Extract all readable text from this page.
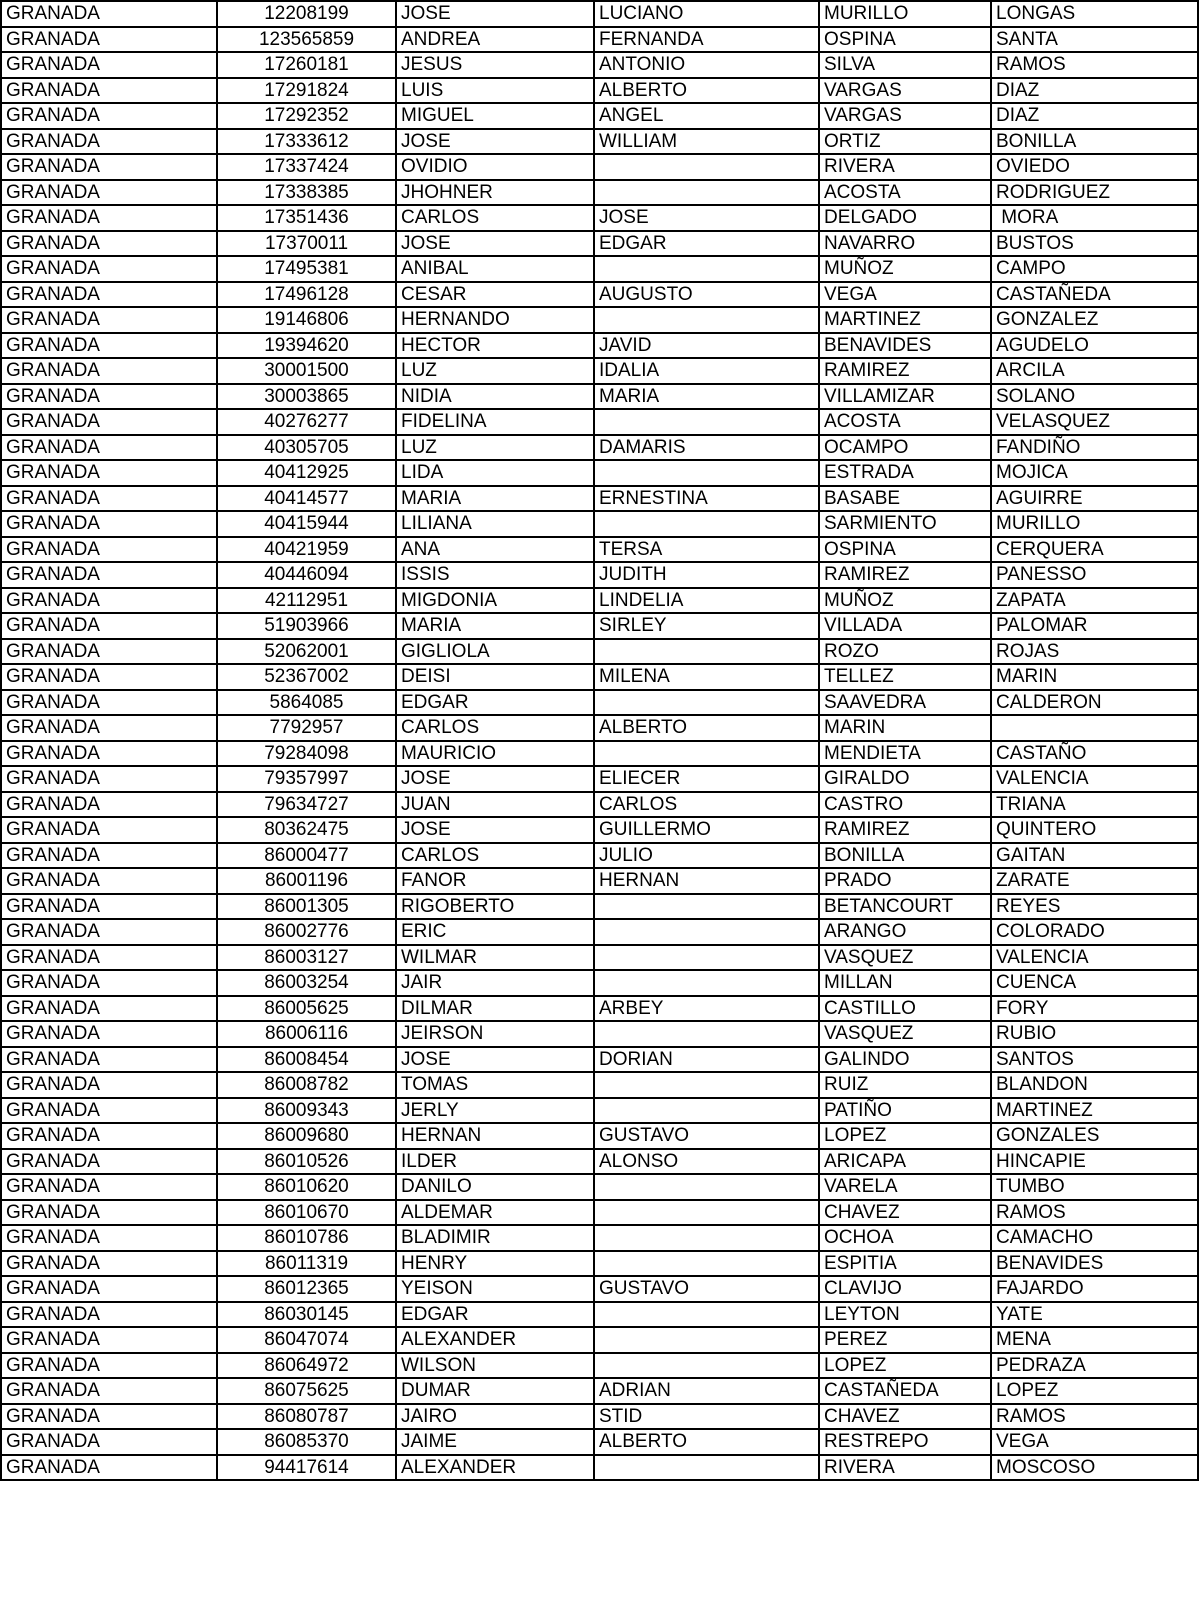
GRANADA	12208199	JOSE	LUCIANO	MURILLO	LONGAS
GRANADA	123565859	ANDREA	FERNANDA	OSPINA	SANTA
GRANADA	17260181	JESUS	ANTONIO	SILVA	RAMOS
GRANADA	17291824	LUIS	ALBERTO	VARGAS	DIAZ
GRANADA	17292352	MIGUEL	ANGEL	VARGAS	DIAZ
GRANADA	17333612	JOSE	WILLIAM	ORTIZ	BONILLA
GRANADA	17337424	OVIDIO		RIVERA	OVIEDO
GRANADA	17338385	JHOHNER		ACOSTA	RODRIGUEZ
GRANADA	17351436	CARLOS	JOSE	DELGADO	MORA
GRANADA	17370011	JOSE	EDGAR	NAVARRO	BUSTOS
GRANADA	17495381	ANIBAL		MUÑOZ	CAMPO
GRANADA	17496128	CESAR	AUGUSTO	VEGA	CASTAÑEDA
GRANADA	19146806	HERNANDO		MARTINEZ	GONZALEZ
GRANADA	19394620	HECTOR	JAVID	BENAVIDES	AGUDELO
GRANADA	30001500	LUZ	IDALIA	RAMIREZ	ARCILA
GRANADA	30003865	NIDIA	MARIA	VILLAMIZAR	SOLANO
GRANADA	40276277	FIDELINA		ACOSTA	VELASQUEZ
GRANADA	40305705	LUZ	DAMARIS	OCAMPO	FANDIÑO
GRANADA	40412925	LIDA		ESTRADA	MOJICA
GRANADA	40414577	MARIA	ERNESTINA	BASABE	AGUIRRE
GRANADA	40415944	LILIANA		SARMIENTO	MURILLO
GRANADA	40421959	ANA	TERSA	OSPINA	CERQUERA
GRANADA	40446094	ISSIS	JUDITH	RAMIREZ	PANESSO
GRANADA	42112951	MIGDONIA	LINDELIA	MUÑOZ	ZAPATA
GRANADA	51903966	MARIA	SIRLEY	VILLADA	PALOMAR
GRANADA	52062001	GIGLIOLA		ROZO	ROJAS
GRANADA	52367002	DEISI	MILENA	TELLEZ	MARIN
GRANADA	5864085	EDGAR		SAAVEDRA	CALDERON
GRANADA	7792957	CARLOS	ALBERTO	MARIN	
GRANADA	79284098	MAURICIO		MENDIETA	CASTAÑO
GRANADA	79357997	JOSE	ELIECER	GIRALDO	VALENCIA
GRANADA	79634727	JUAN	CARLOS	CASTRO	TRIANA
GRANADA	80362475	JOSE	GUILLERMO	RAMIREZ	QUINTERO
GRANADA	86000477	CARLOS	JULIO	BONILLA	GAITAN
GRANADA	86001196	FANOR	HERNAN	PRADO	ZARATE
GRANADA	86001305	RIGOBERTO		BETANCOURT	REYES
GRANADA	86002776	ERIC		ARANGO	COLORADO
GRANADA	86003127	WILMAR		VASQUEZ	VALENCIA
GRANADA	86003254	JAIR		MILLAN	CUENCA
GRANADA	86005625	DILMAR	ARBEY	CASTILLO	FORY
GRANADA	86006116	JEIRSON		VASQUEZ	RUBIO
GRANADA	86008454	JOSE	DORIAN	GALINDO	SANTOS
GRANADA	86008782	TOMAS		RUIZ	BLANDON
GRANADA	86009343	JERLY		PATIÑO	MARTINEZ
GRANADA	86009680	HERNAN	GUSTAVO	LOPEZ	GONZALES
GRANADA	86010526	ILDER	ALONSO	ARICAPA	HINCAPIE
GRANADA	86010620	DANILO		VARELA	TUMBO
GRANADA	86010670	ALDEMAR		CHAVEZ	RAMOS
GRANADA	86010786	BLADIMIR		OCHOA	CAMACHO
GRANADA	86011319	HENRY		ESPITIA	BENAVIDES
GRANADA	86012365	YEISON	GUSTAVO	CLAVIJO	FAJARDO
GRANADA	86030145	EDGAR		LEYTON	YATE
GRANADA	86047074	ALEXANDER		PEREZ	MENA
GRANADA	86064972	WILSON		LOPEZ	PEDRAZA
GRANADA	86075625	DUMAR	ADRIAN	CASTAÑEDA	LOPEZ
GRANADA	86080787	JAIRO	STID	CHAVEZ	RAMOS
GRANADA	86085370	JAIME	ALBERTO	RESTREPO	VEGA
GRANADA	94417614	ALEXANDER		RIVERA	MOSCOSO
